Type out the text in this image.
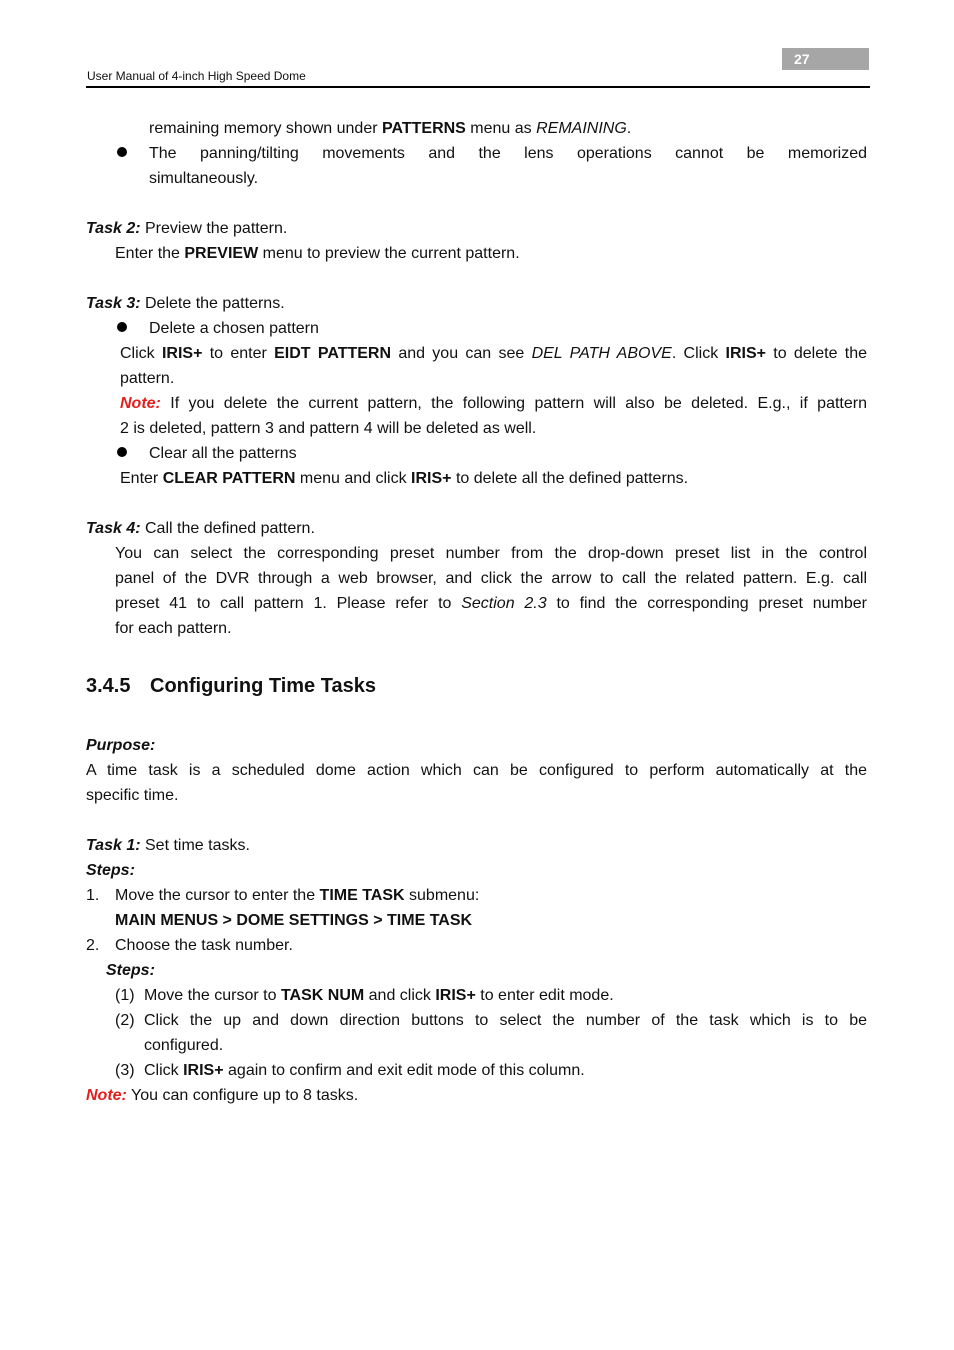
27
User Manual of 4-inch High Speed Dome
remaining memory shown under PATTERNS menu as REMAINING.
The panning/tilting movements and the lens operations cannot be memorized
simultaneously.
Task 2: Preview the pattern.
Enter the PREVIEW menu to preview the current pattern.
Task 3: Delete the patterns.
Delete a chosen pattern
Click IRIS+ to enter EIDT PATTERN and you can see DEL PATH ABOVE. Click IRIS+ to delete the
pattern.
Note: If you delete the current pattern, the following pattern will also be deleted. E.g., if pattern
2 is deleted, pattern 3 and pattern 4 will be deleted as well.
Clear all the patterns
Enter CLEAR PATTERN menu and click IRIS+ to delete all the defined patterns.
Task 4: Call the defined pattern.
You can select the corresponding preset number from the drop-down preset list in the control
panel of the DVR through a web browser, and click the arrow to call the related pattern. E.g. call
preset 41 to call pattern 1. Please refer to Section 2.3 to find the corresponding preset number
for each pattern.
3.4.5 Configuring Time Tasks
Purpose:
A time task is a scheduled dome action which can be configured to perform automatically at the
specific time.
Task 1: Set time tasks.
Steps:
1. Move the cursor to enter the TIME TASK submenu:
MAIN MENUS > DOME SETTINGS > TIME TASK
2. Choose the task number.
Steps:
(1) Move the cursor to TASK NUM and click IRIS+ to enter edit mode.
(2) Click the up and down direction buttons to select the number of the task which is to be
configured.
(3) Click IRIS+ again to confirm and exit edit mode of this column.
Note: You can configure up to 8 tasks.
